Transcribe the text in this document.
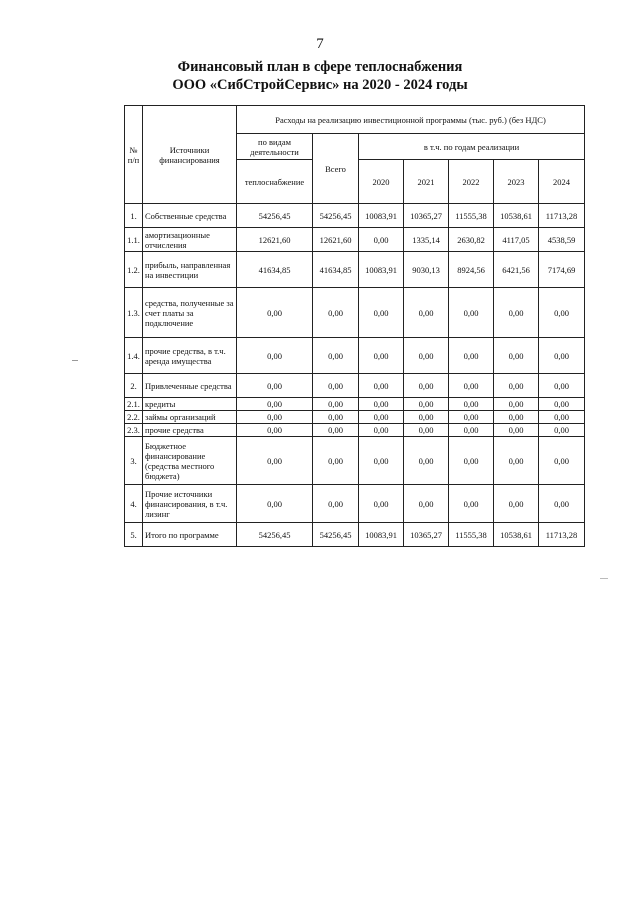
7
Финансовый план в сфере теплоснабжения
ООО «СибСтройСервис» на 2020 - 2024 годы
№ п/п	Источники финансирования	Расходы на реализацию инвестиционной программы (тыс. руб.) (без НДС)						
		по видам деятельности	Всего	в т.ч. по годам реализации				
		теплоснабжение		2020	2021	2022	2023	2024
1.	Собственные средства	54256,45	54256,45	10083,91	10365,27	11555,38	10538,61	11713,28
1.1.	амортизационные отчисления	12621,60	12621,60	0,00	1335,14	2630,82	4117,05	4538,59
1.2.	прибыль, направленная на инвестиции	41634,85	41634,85	10083,91	9030,13	8924,56	6421,56	7174,69
1.3.	средства, полученные за счет платы за подключение	0,00	0,00	0,00	0,00	0,00	0,00	0,00
1.4.	прочие средства, в т.ч. аренда имущества	0,00	0,00	0,00	0,00	0,00	0,00	0,00
2.	Привлеченные средства	0,00	0,00	0,00	0,00	0,00	0,00	0,00
2.1.	кредиты	0,00	0,00	0,00	0,00	0,00	0,00	0,00
2.2.	займы организаций	0,00	0,00	0,00	0,00	0,00	0,00	0,00
2.3.	прочие средства	0,00	0,00	0,00	0,00	0,00	0,00	0,00
3.	Бюджетное финансирование (средства местного бюджета)	0,00	0,00	0,00	0,00	0,00	0,00	0,00
4.	Прочие источники финансирования, в т.ч. лизинг	0,00	0,00	0,00	0,00	0,00	0,00	0,00
5.	Итого по программе	54256,45	54256,45	10083,91	10365,27	11555,38	10538,61	11713,28
